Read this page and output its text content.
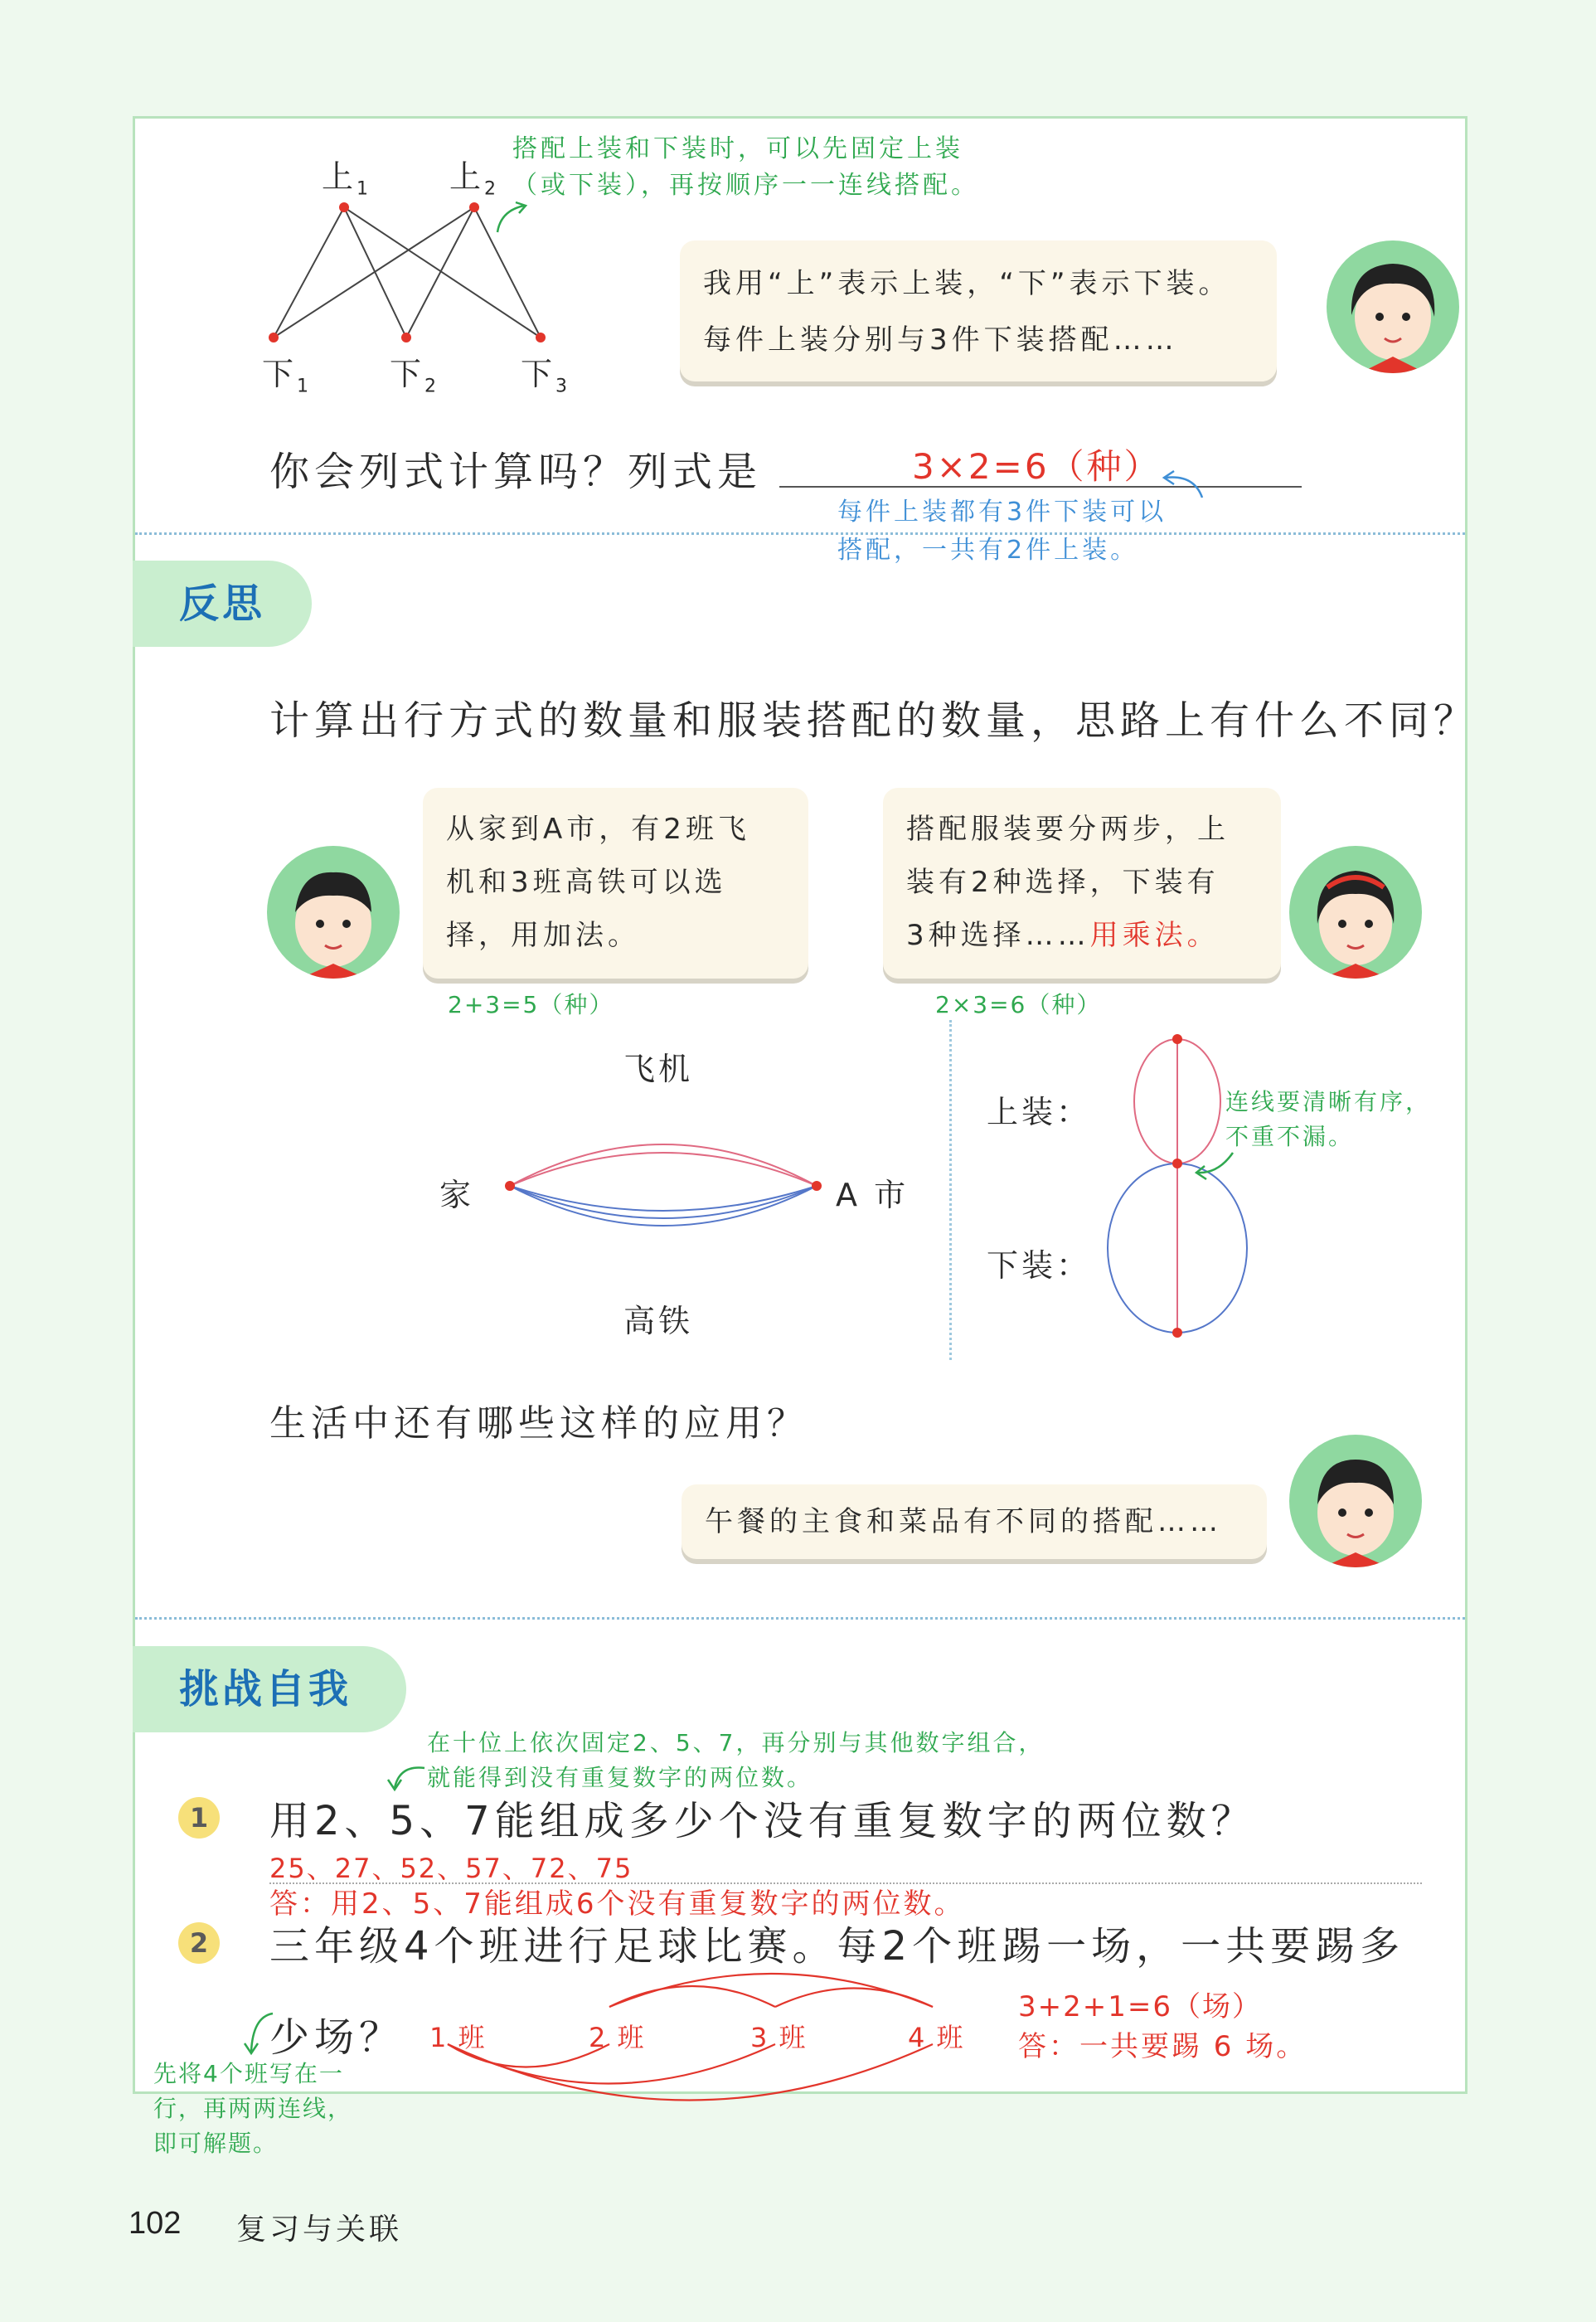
上$_1$ 上$_2$
下$_1$ 下$_2$	下$_3$
搭配上装和下装时，可以先固定上装
（或下装），再按顺序一一连线搭配。
我用“上”表示上装，“下”表示下装。
每件上装分别与3件下装搭配……
你会列式计算吗？列式是	3×2=6（种）
每件上装都有3件下装可以
搭配，一共有2件上装。
反思
计算出行方式的数量和服装搭配的数量，思路上有什么不同？
从家到A市，有2班飞
机和3班高铁可以选
择，用加法。
搭配服装要分两步，上
装有2种选择，下装有
3种选择……用乘法。
2+3=5（种）	2×3=6（种）
飞机
家	A 市
高铁
上装：
下装：
连线要清晰有序，
不重不漏。
生活中还有哪些这样的应用？
午餐的主食和菜品有不同的搭配……
挑战自我
在十位上依次固定2、5、7，再分别与其他数字组合，
就能得到没有重复数字的两位数。
1 用2、5、7能组成多少个没有重复数字的两位数？
25、27、52、57、72、75
答：用2、5、7能组成6个没有重复数字的两位数。
2 三年级4个班进行足球比赛。每2个班踢一场，一共要踢多
少场？ 1 班	2 班	3 班	4 班
3+2+1=6（场）
答：一共要踢 6 场。
先将4个班写在一
行，再两两连线，
即可解题。
102 复习与关联
